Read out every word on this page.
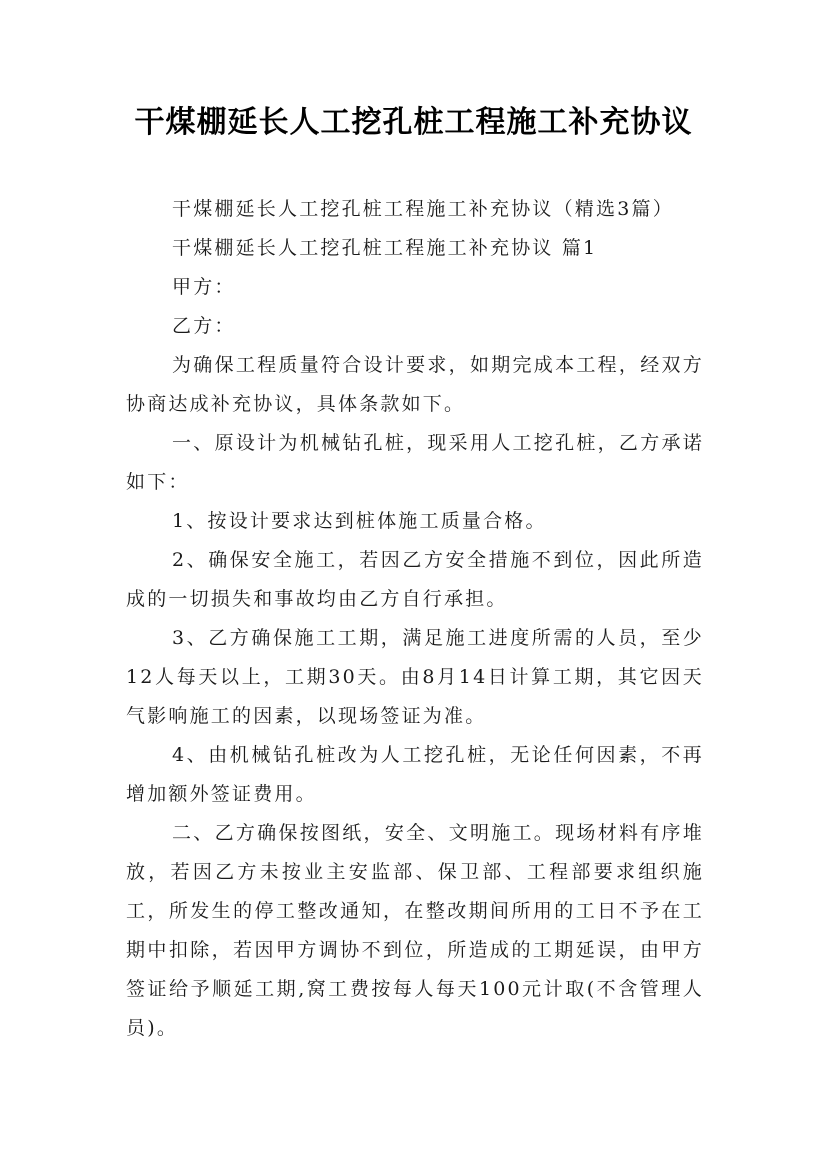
干煤棚延长人工挖孔桩工程施工补充协议

干煤棚延长人工挖孔桩工程施工补充协议（精选3篇）

干煤棚延长人工挖孔桩工程施工补充协议 篇1

甲方：

乙方：

为确保工程质量符合设计要求，如期完成本工程，经双方协商达成补充协议，具体条款如下。

一、原设计为机械钻孔桩，现采用人工挖孔桩，乙方承诺如下：

1、按设计要求达到桩体施工质量合格。

2、确保安全施工，若因乙方安全措施不到位，因此所造成的一切损失和事故均由乙方自行承担。

3、乙方确保施工工期，满足施工进度所需的人员，至少12人每天以上，工期30天。由8月14日计算工期，其它因天气影响施工的因素，以现场签证为准。

4、由机械钻孔桩改为人工挖孔桩，无论任何因素，不再增加额外签证费用。

二、乙方确保按图纸，安全、文明施工。现场材料有序堆放，若因乙方未按业主安监部、保卫部、工程部要求组织施工，所发生的停工整改通知，在整改期间所用的工日不予在工期中扣除，若因甲方调协不到位，所造成的工期延误，由甲方签证给予顺延工期,窝工费按每人每天100元计取(不含管理人员)。
